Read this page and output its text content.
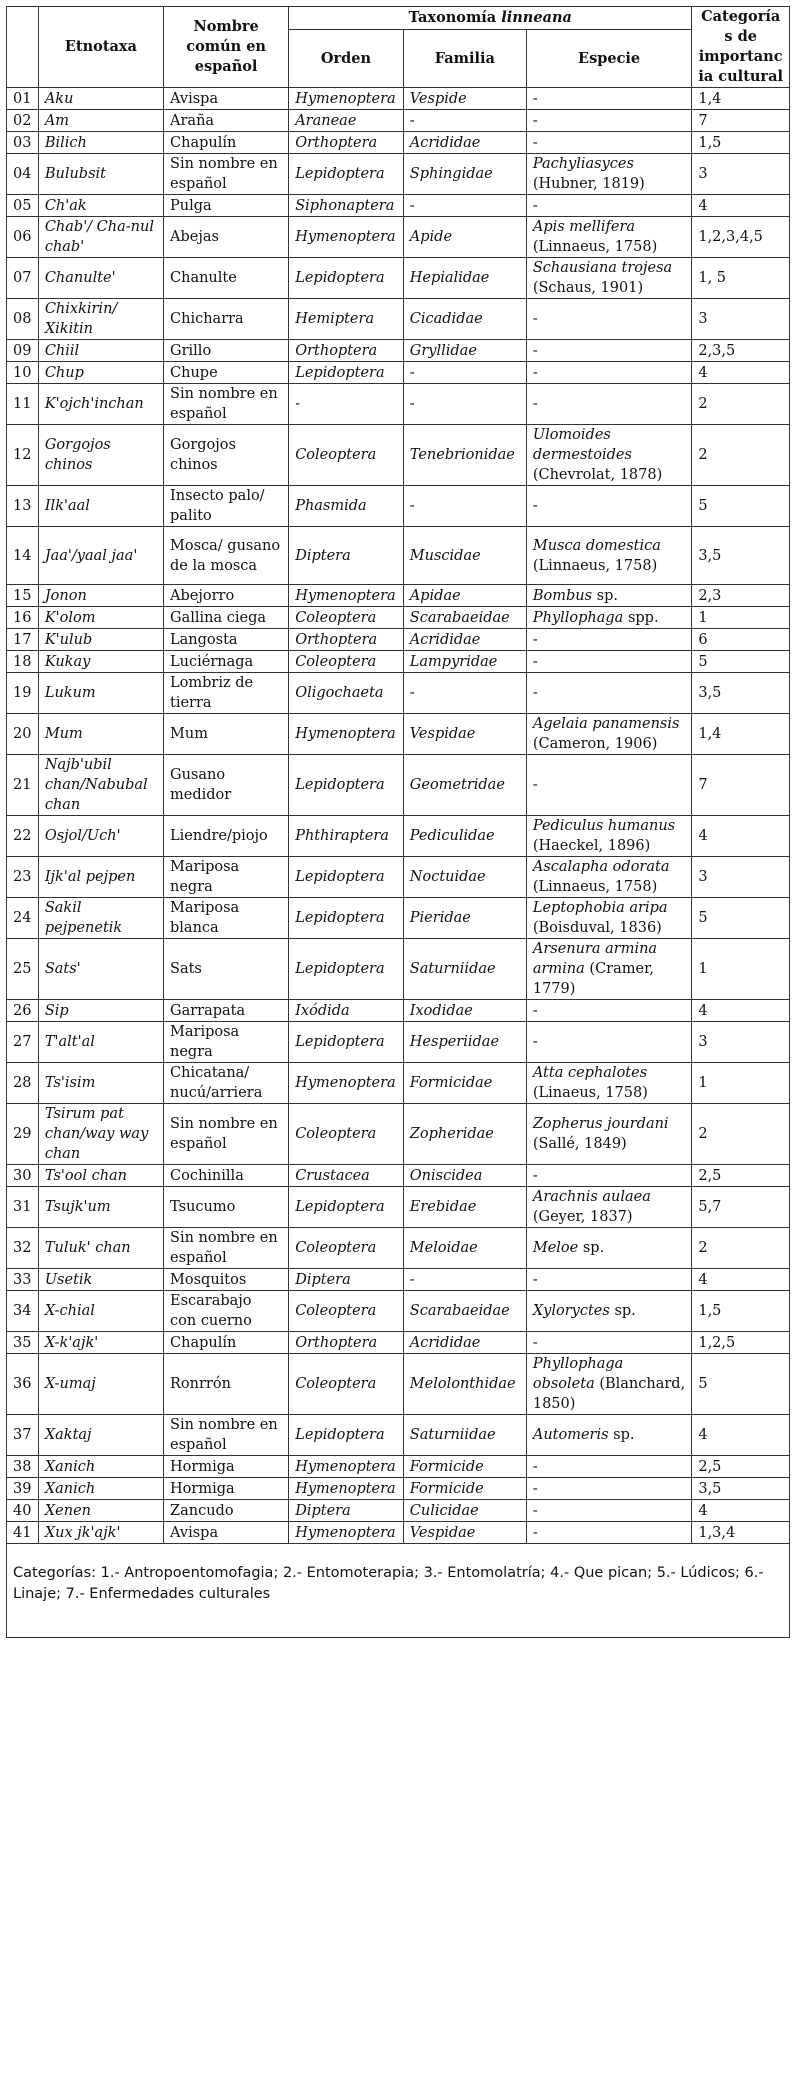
	Etnotaxa	Nombre común en español	Taxonomía linneana			Categorías de importancia cultural
			Orden	Familia	Especie	
01	Aku	Avispa	Hymenoptera	Vespide	-	1,4
02	Am	Araña	Araneae	-	-	7
03	Bilich	Chapulín	Orthoptera	Acrididae	-	1,5
04	Bulubsit	Sin nombre en español	Lepidoptera	Sphingidae	Pachyliasyces (Hubner, 1819)	3
05	Ch'ak	Pulga	Siphonaptera	-	-	4
06	Chab'/ Cha-nul chab'	Abejas	Hymenoptera	Apide	Apis mellifera (Linnaeus, 1758)	1,2,3,4,5
07	Chanulte'	Chanulte	Lepidoptera	Hepialidae	Schausiana trojesa (Schaus, 1901)	1, 5
08	Chixkirin/ Xikitin	Chicharra	Hemiptera	Cicadidae	-	3
09	Chiil	Grillo	Orthoptera	Gryllidae	-	2,3,5
10	Chup	Chupe	Lepidoptera	-	-	4
11	K'ojch'inchan	Sin nombre en español	-	-	-	2
12	Gorgojos chinos	Gorgojos chinos	Coleoptera	Tenebrionidae	Ulomoides dermestoides (Chevrolat, 1878)	2
13	Ilk'aal	Insecto palo/ palito	Phasmida	-	-	5
14	Jaa'/yaal jaa'	Mosca/ gusano de la mosca	Diptera	Muscidae	Musca domestica (Linnaeus, 1758)	3,5
15	Jonon	Abejorro	Hymenoptera	Apidae	Bombus sp.	2,3
16	K'olom	Gallina ciega	Coleoptera	Scarabaeidae	Phyllophaga spp.	1
17	K'ulub	Langosta	Orthoptera	Acrididae	-	6
18	Kukay	Luciérnaga	Coleoptera	Lampyridae	-	5
19	Lukum	Lombriz de tierra	Oligochaeta	-	-	3,5
20	Mum	Mum	Hymenoptera	Vespidae	Agelaia panamensis (Cameron, 1906)	1,4
21	Najb'ubil chan/Nabubal chan	Gusano medidor	Lepidoptera	Geometridae	-	7
22	Osjol/Uch'	Liendre/piojo	Phthiraptera	Pediculidae	Pediculus humanus (Haeckel, 1896)	4
23	Ijk'al pejpen	Mariposa negra	Lepidoptera	Noctuidae	Ascalapha odorata (Linnaeus, 1758)	3
24	Sakil pejpenetik	Mariposa blanca	Lepidoptera	Pieridae	Leptophobia aripa (Boisduval, 1836)	5
25	Sats'	Sats	Lepidoptera	Saturniidae	Arsenura armina armina (Cramer, 1779)	1
26	Sip	Garrapata	Ixódida	Ixodidae	-	4
27	T'alt'al	Mariposa negra	Lepidoptera	Hesperiidae	-	3
28	Ts'isim	Chicatana/ nucú/arriera	Hymenoptera	Formicidae	Atta cephalotes (Linaeus, 1758)	1
29	Tsirum pat chan/way way chan	Sin nombre en español	Coleoptera	Zopheridae	Zopherus jourdani (Sallé, 1849)	2
30	Ts'ool chan	Cochinilla	Crustacea	Oniscidea	-	2,5
31	Tsujk'um	Tsucumo	Lepidoptera	Erebidae	Arachnis aulaea (Geyer, 1837)	5,7
32	Tuluk' chan	Sin nombre en español	Coleoptera	Meloidae	Meloe sp.	2
33	Usetik	Mosquitos	Diptera	-	-	4
34	X-chial	Escarabajo con cuerno	Coleoptera	Scarabaeidae	Xyloryctes sp.	1,5
35	X-k'ajk'	Chapulín	Orthoptera	Acrididae	-	1,2,5
36	X-umaj	Ronrrón	Coleoptera	Melolonthidae	Phyllophaga obsoleta (Blanchard, 1850)	5
37	Xaktaj	Sin nombre en español	Lepidoptera	Saturniidae	Automeris sp.	4
38	Xanich	Hormiga	Hymenoptera	Formicide	-	2,5
39	Xanich	Hormiga	Hymenoptera	Formicide	-	3,5
40	Xenen	Zancudo	Diptera	Culicidae	-	4
41	Xux jk'ajk'	Avispa	Hymenoptera	Vespidae	-	1,3,4
Categorías: 1.- Antropoentomofagia; 2.- Entomoterapia; 3.- Entomolatría; 4.- Que pican; 5.- Lúdicos; 6.- Linaje; 7.- Enfermedades culturales
